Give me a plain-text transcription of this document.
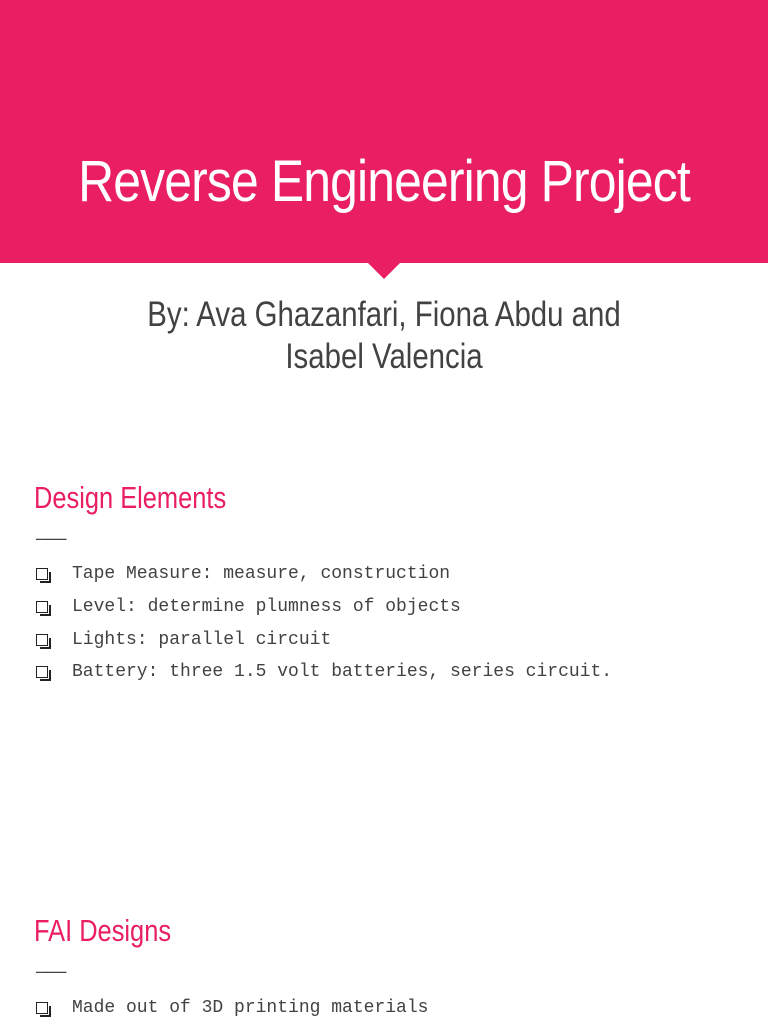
Reverse Engineering Project
By: Ava Ghazanfari, Fiona Abdu and Isabel Valencia
Design Elements
———
Tape Measure: measure, construction
Level: determine plumness of objects
Lights: parallel circuit
Battery: three 1.5 volt batteries, series circuit.
FAI Designs
———
Made out of 3D printing materials
